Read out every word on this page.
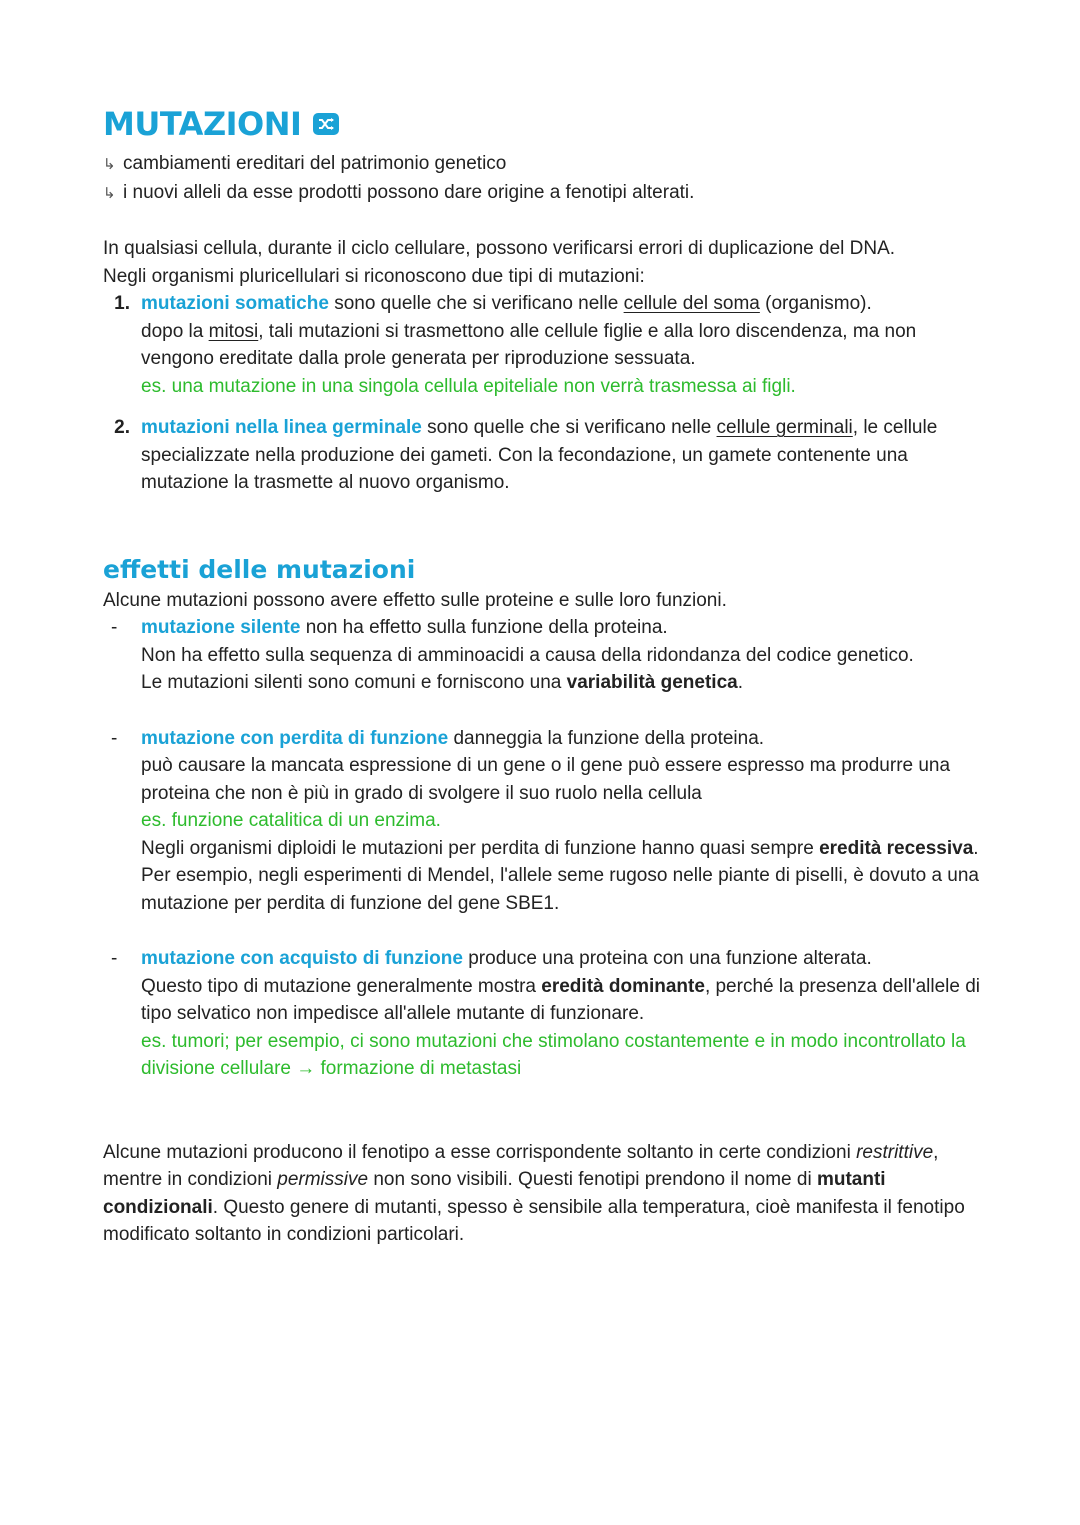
MUTAZIONI
↳ cambiamenti ereditari del patrimonio genetico
↳ i nuovi alleli da esse prodotti possono dare origine a fenotipi alterati.

In qualsiasi cellula, durante il ciclo cellulare, possono verificarsi errori di duplicazione del DNA.
Negli organismi pluricellulari si riconoscono due tipi di mutazioni:

1. mutazioni somatiche sono quelle che si verificano nelle cellule del soma (organismo).
dopo la mitosi, tali mutazioni si trasmettono alle cellule figlie e alla loro discendenza, ma non vengono ereditate dalla prole generata per riproduzione sessuata.
es. una mutazione in una singola cellula epiteliale non verrà trasmessa ai figli.
2. mutazioni nella linea germinale sono quelle che si verificano nelle cellule germinali, le cellule specializzate nella produzione dei gameti. Con la fecondazione, un gamete contenente una mutazione la trasmette al nuovo organismo.
effetti delle mutazioni

Alcune mutazioni possono avere effetto sulle proteine e sulle loro funzioni.

-	mutazione silente non ha effetto sulla funzione della proteina.
Non ha effetto sulla sequenza di amminoacidi a causa della ridondanza del codice genetico.
Le mutazioni silenti sono comuni e forniscono una variabilità genetica.
-	mutazione con perdita di funzione danneggia la funzione della proteina.
può causare la mancata espressione di un gene o il gene può essere espresso ma produrre una proteina che non è più in grado di svolgere il suo ruolo nella cellula
es. funzione catalitica di un enzima.
Negli organismi diploidi le mutazioni per perdita di funzione hanno quasi sempre eredità recessiva. Per esempio, negli esperimenti di Mendel, l'allele seme rugoso nelle piante di piselli, è dovuto a una mutazione per perdita di funzione del gene SBE1.
-	mutazione con acquisto di funzione produce una proteina con una funzione alterata.
Questo tipo di mutazione generalmente mostra eredità dominante, perché la presenza dell'allele di tipo selvatico non impedisce all'allele mutante di funzionare.
es. tumori; per esempio, ci sono mutazioni che stimolano costantemente e in modo incontrollato la divisione cellulare → formazione di metastasi

Alcune mutazioni producono il fenotipo a esse corrispondente soltanto in certe condizioni restrittive, mentre in condizioni permissive non sono visibili. Questi fenotipi prendono il nome di mutanti condizionali. Questo genere di mutanti, spesso è sensibile alla temperatura, cioè manifesta il fenotipo modificato soltanto in condizioni particolari.
